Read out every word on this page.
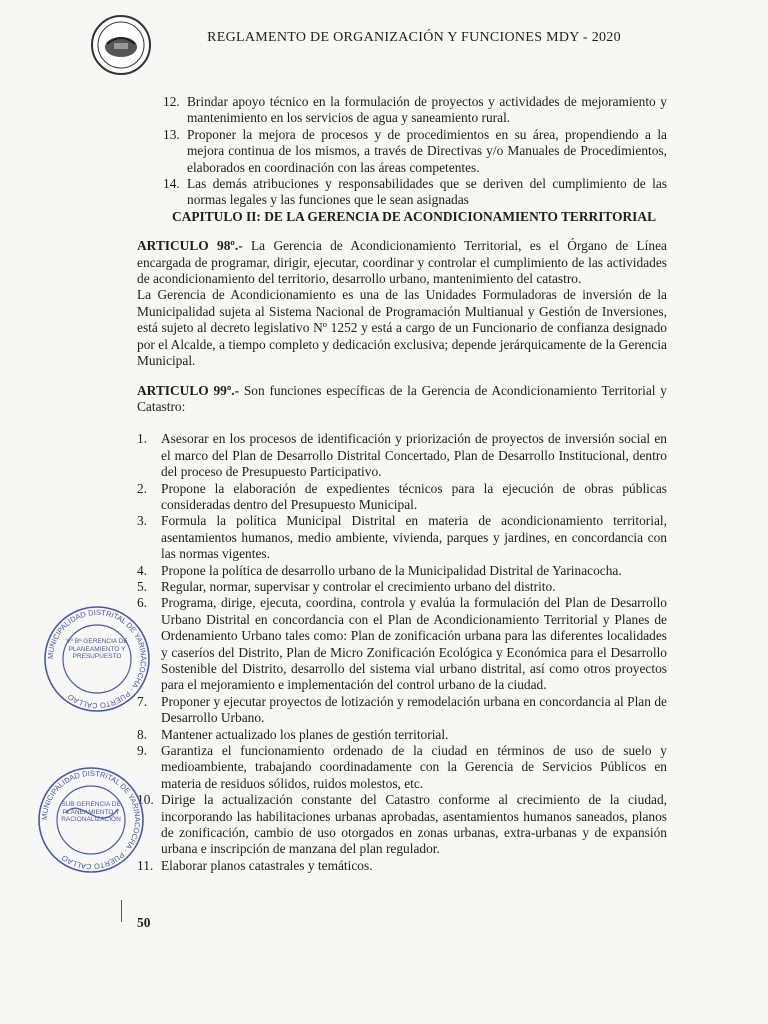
REGLAMENTO DE ORGANIZACIÓN Y FUNCIONES MDY - 2020
12. Brindar apoyo técnico en la formulación de proyectos y actividades de mejoramiento y mantenimiento en los servicios de agua y saneamiento rural.
13. Proponer la mejora de procesos y de procedimientos en su área, propendiendo a la mejora continua de los mismos, a través de Directivas y/o Manuales de Procedimientos, elaborados en coordinación con las áreas competentes.
14. Las demás atribuciones y responsabilidades que se deriven del cumplimiento de las normas legales y las funciones que le sean asignadas
CAPITULO II: DE LA GERENCIA DE ACONDICIONAMIENTO TERRITORIAL
ARTICULO 98º.- La Gerencia de Acondicionamiento Territorial, es el Órgano de Línea encargada de programar, dirigir, ejecutar, coordinar y controlar el cumplimiento de las actividades de acondicionamiento del territorio, desarrollo urbano, mantenimiento del catastro.
La Gerencia de Acondicionamiento es una de las Unidades Formuladoras de inversión de la Municipalidad sujeta al Sistema Nacional de Programación Multianual y Gestión de Inversiones, está sujeto al decreto legislativo Nº 1252 y está a cargo de un Funcionario de confianza designado por el Alcalde, a tiempo completo y dedicación exclusiva; depende jerárquicamente de la Gerencia Municipal.
ARTICULO 99º.- Son funciones específicas de la Gerencia de Acondicionamiento Territorial y Catastro:
1.	Asesorar en los procesos de identificación y priorización de proyectos de inversión social en el marco del Plan de Desarrollo Distrital Concertado, Plan de Desarrollo Institucional, dentro del proceso de Presupuesto Participativo.
2.	Propone la elaboración de expedientes técnicos para la ejecución de obras públicas consideradas dentro del Presupuesto Municipal.
3.	Formula la política Municipal Distrital en materia de acondicionamiento territorial, asentamientos humanos, medio ambiente, vivienda, parques y jardines, en concordancia con las normas vigentes.
4.	Propone la política de desarrollo urbano de la Municipalidad Distrital de Yarinacocha.
5.	Regular, normar, supervisar y controlar el crecimiento urbano del distrito.
6.	Programa, dirige, ejecuta, coordina, controla y evalúa la formulación del Plan de Desarrollo Urbano Distrital en concordancia con el Plan de Acondicionamiento Territorial y Planes de Ordenamiento Urbano tales como: Plan de zonificación urbana para las diferentes localidades y caseríos del Distrito, Plan de Micro Zonificación Ecológica y Económica para el Desarrollo Sostenible del Distrito, desarrollo del sistema vial urbano distrital, así como otros proyectos para el mejoramiento e implementación del control urbano de la ciudad.
7.	Proponer y ejecutar proyectos de lotización y remodelación urbana en concordancia al Plan de Desarrollo Urbano.
8.	Mantener actualizado los planes de gestión territorial.
9.	Garantiza el funcionamiento ordenado de la ciudad en términos de uso de suelo y medioambiente, trabajando coordinadamente con la Gerencia de Servicios Públicos en materia de residuos sólidos, ruidos molestos, etc.
10. Dirige la actualización constante del Catastro conforme al crecimiento de la ciudad, incorporando las habilitaciones urbanas aprobadas, asentamientos humanos saneados, planos de zonificación, cambio de uso otorgados en zonas urbanas, extra-urbanas y de expansión urbana e inscripción de manzana del plan regulador.
11. Elaborar planos catastrales y temáticos.
50
MUNICIPALIDAD DISTRITAL DE YARINACOCHA · PUERTO CALLAO
Vº Bº GERENCIA DE PLANEAMIENTO Y PRESUPUESTO
MUNICIPALIDAD DISTRITAL DE YARINACOCHA · PUERTO CALLAO
SUB GERENCIA DE PLANEAMIENTO Y RACIONALIZACIÓN
